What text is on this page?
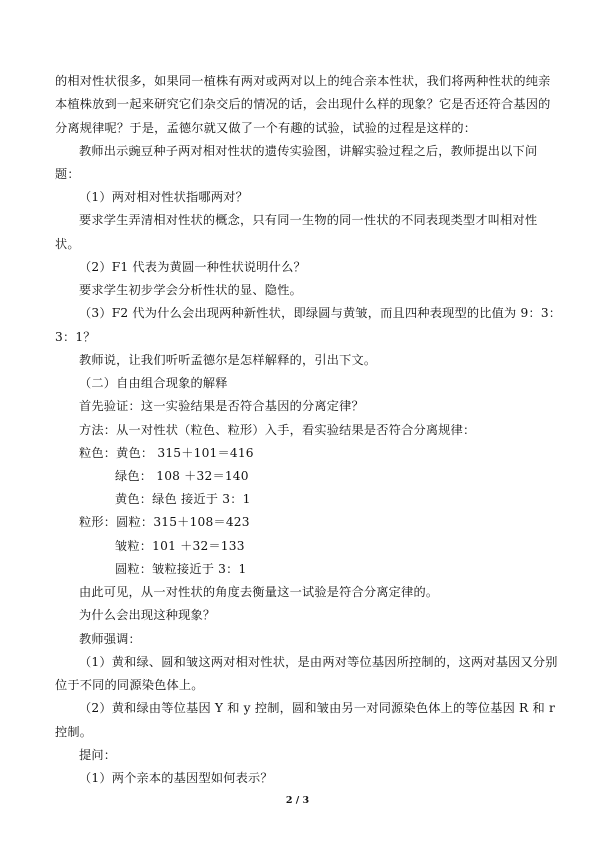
的相对性状很多，如果同一植株有两对或两对以上的纯合亲本性状，我们将两种性状的纯亲
本植株放到一起来研究它们杂交后的情况的话，会出现什么样的现象？它是否还符合基因的
分离规律呢？于是，孟德尔就又做了一个有趣的试验，试验的过程是这样的：
教师出示豌豆种子两对相对性状的遗传实验图，讲解实验过程之后，教师提出以下问
题：
（1）两对相对性状指哪两对？
要求学生弄清相对性状的概念，只有同一生物的同一性状的不同表现类型才叫相对性
状。
（2）F1 代表为黄圆一种性状说明什么？
要求学生初步学会分析性状的显、隐性。
（3）F2 代为什么会出现两种新性状，即绿圆与黄皱，而且四种表现型的比值为 9：3：
3：1？
教师说，让我们听听孟德尔是怎样解释的，引出下文。
（二）自由组合现象的解释
首先验证：这一实验结果是否符合基因的分离定律？
方法：从一对性状（粒色、粒形）入手，看实验结果是否符合分离规律：
粒色：黄色： 315＋101＝416
绿色： 108 ＋32＝140
黄色：绿色 接近于 3：1
粒形：圆粒：315＋108＝423
皱粒：101 ＋32＝133
圆粒：皱粒接近于 3：1
由此可见，从一对性状的角度去衡量这一试验是符合分离定律的。
为什么会出现这种现象？
教师强调：
（1）黄和绿、圆和皱这两对相对性状，是由两对等位基因所控制的，这两对基因又分别
位于不同的同源染色体上。
（2）黄和绿由等位基因 Y 和 y 控制，圆和皱由另一对同源染色体上的等位基因 R 和 r
控制。
提问：
（1）两个亲本的基因型如何表示？
2 / 3
